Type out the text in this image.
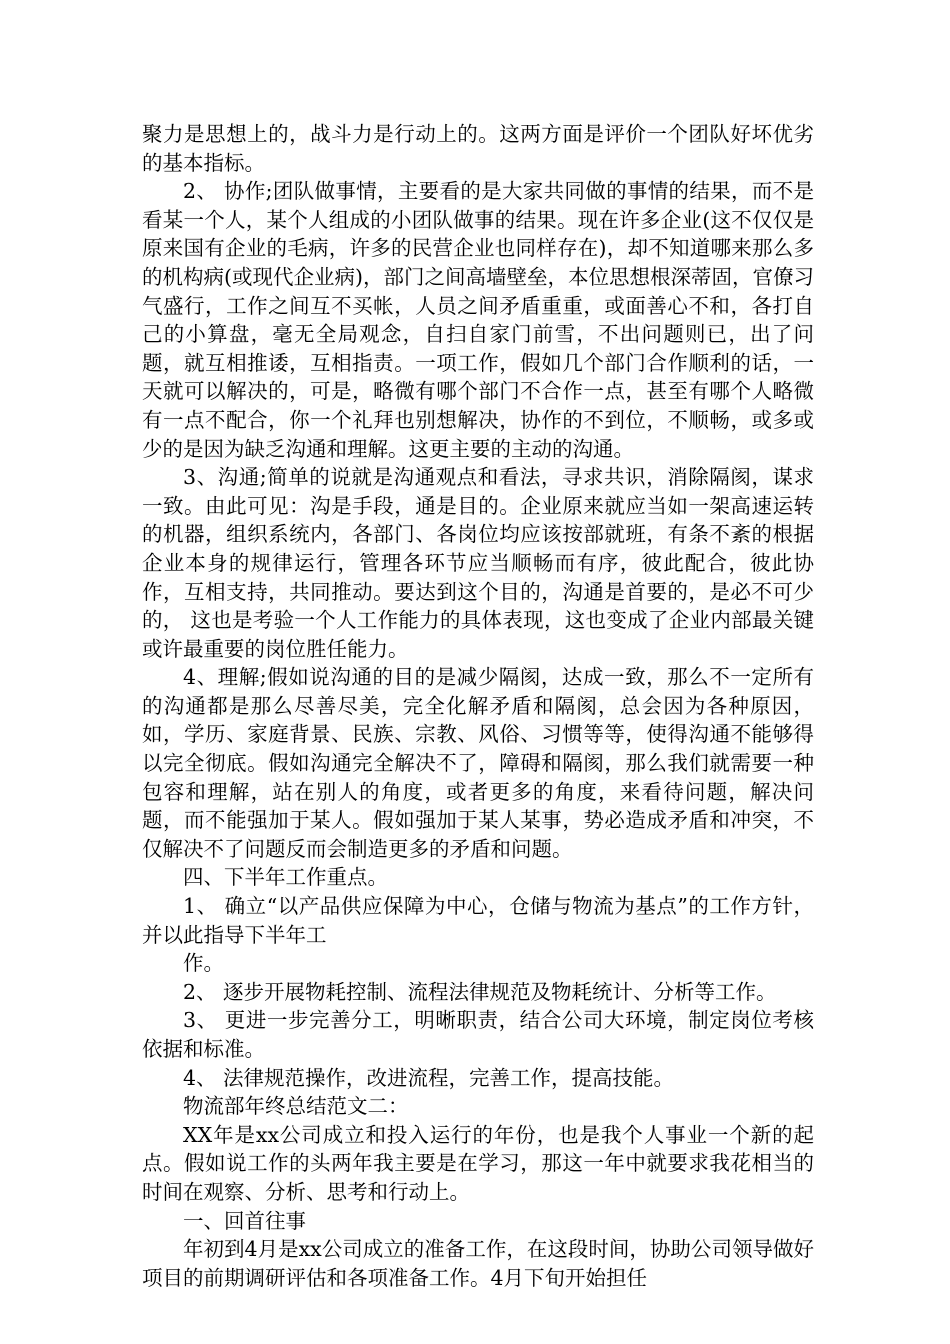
聚力是思想上的，战斗力是行动上的。这两方面是评价一个团队好坏优劣的基本指标。

2、 协作;团队做事情，主要看的是大家共同做的事情的结果，而不是看某一个人，某个人组成的小团队做事的结果。现在许多企业(这不仅仅是原来国有企业的毛病，许多的民营企业也同样存在)，却不知道哪来那么多的机构病(或现代企业病)，部门之间高墙壁垒，本位思想根深蒂固，官僚习气盛行，工作之间互不买帐，人员之间矛盾重重，或面善心不和，各打自己的小算盘，毫无全局观念，自扫自家门前雪，不出问题则已，出了问题，就互相推诿，互相指责。一项工作，假如几个部门合作顺利的话，一天就可以解决的，可是，略微有哪个部门不合作一点，甚至有哪个人略微有一点不配合，你一个礼拜也别想解决，协作的不到位，不顺畅，或多或少的是因为缺乏沟通和理解。这更主要的主动的沟通。

3、沟通;简单的说就是沟通观点和看法，寻求共识，消除隔阂，谋求一致。由此可见：沟是手段，通是目的。企业原来就应当如一架高速运转的机器，组织系统内，各部门、各岗位均应该按部就班，有条不紊的根据企业本身的规律运行，管理各环节应当顺畅而有序，彼此配合，彼此协作，互相支持，共同推动。要达到这个目的，沟通是首要的，是必不可少的， 这也是考验一个人工作能力的具体表现，这也变成了企业内部最关键或许最重要的岗位胜任能力。

4、理解;假如说沟通的目的是减少隔阂，达成一致，那么不一定所有的沟通都是那么尽善尽美，完全化解矛盾和隔阂，总会因为各种原因，如，学历、家庭背景、民族、宗教、风俗、习惯等等，使得沟通不能够得以完全彻底。假如沟通完全解决不了，障碍和隔阂，那么我们就需要一种包容和理解，站在别人的角度，或者更多的角度，来看待问题，解决问题，而不能强加于某人。假如强加于某人某事，势必造成矛盾和冲突，不仅解决不了问题反而会制造更多的矛盾和问题。

四、下半年工作重点。

1、 确立“以产品供应保障为中心，仓储与物流为基点”的工作方针，并以此指导下半年工

作。

2、 逐步开展物耗控制、流程法律规范及物耗统计、分析等工作。

3、 更进一步完善分工，明晰职责，结合公司大环境，制定岗位考核依据和标准。

4、 法律规范操作，改进流程，完善工作，提高技能。

物流部年终总结范文二：

XX年是xx公司成立和投入运行的年份，也是我个人事业一个新的起点。假如说工作的头两年我主要是在学习，那这一年中就要求我花相当的时间在观察、分析、思考和行动上。

一、回首往事

年初到4月是xx公司成立的准备工作，在这段时间，协助公司领导做好项目的前期调研评估和各项准备工作。4月下旬开始担任
